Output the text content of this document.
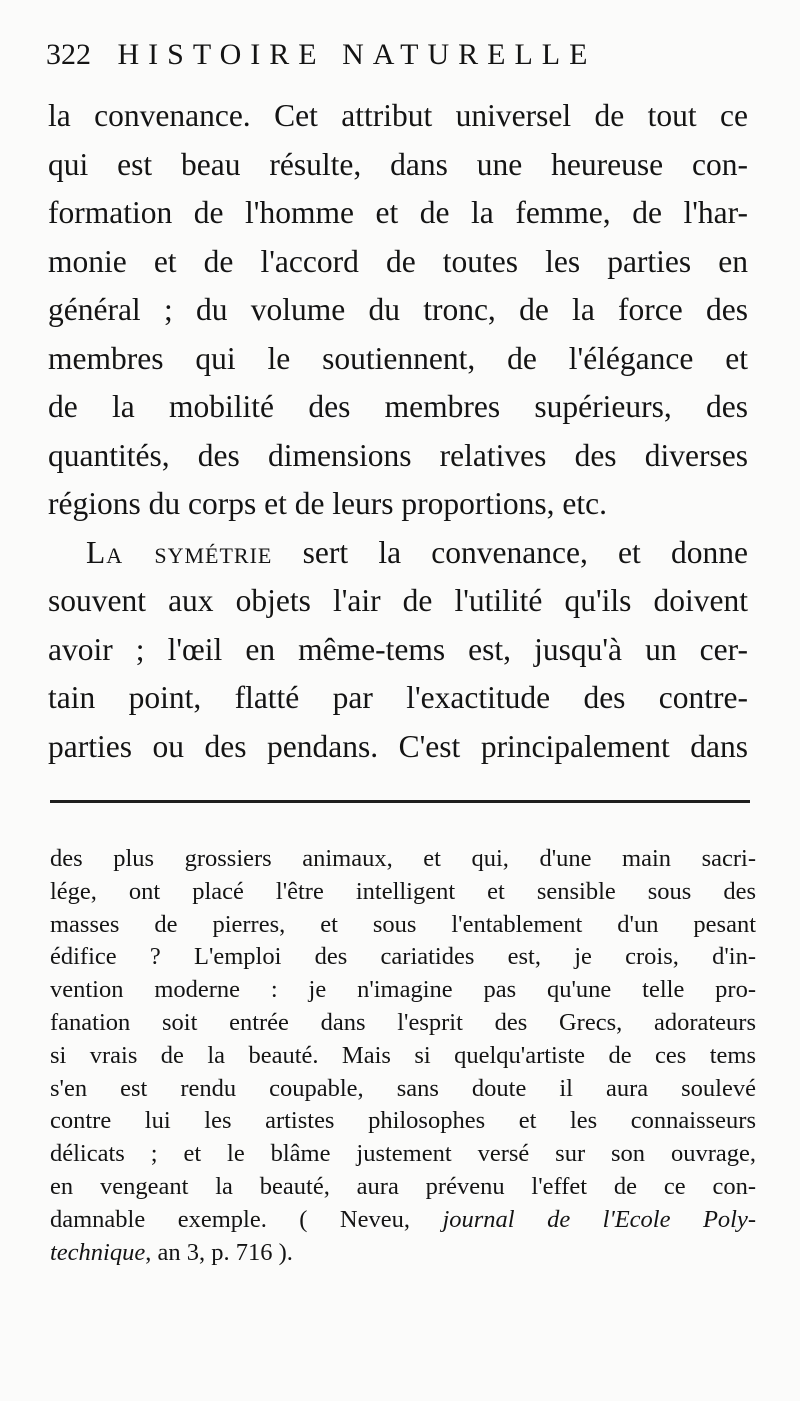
322 HISTOIRE NATURELLE
la convenance. Cet attribut universel de tout ce
qui est beau résulte, dans une heureuse con-
formation de l'homme et de la femme, de l'har-
monie et de l'accord de toutes les parties en
général ; du volume du tronc, de la force des
membres qui le soutiennent, de l'élégance et
de la mobilité des membres supérieurs, des
quantités, des dimensions relatives des diverses
régions du corps et de leurs proportions, etc.
La symétrie sert la convenance, et donne
souvent aux objets l'air de l'utilité qu'ils doivent
avoir ; l'œil en même-tems est, jusqu'à un cer-
tain point, flatté par l'exactitude des contre-
parties ou des pendans. C'est principalement dans
des plus grossiers animaux, et qui, d'une main sacri-
lége, ont placé l'être intelligent et sensible sous des
masses de pierres, et sous l'entablement d'un pesant
édifice ? L'emploi des cariatides est, je crois, d'in-
vention moderne : je n'imagine pas qu'une telle pro-
fanation soit entrée dans l'esprit des Grecs, adorateurs
si vrais de la beauté. Mais si quelqu'artiste de ces tems
s'en est rendu coupable, sans doute il aura soulevé
contre lui les artistes philosophes et les connaisseurs
délicats ; et le blâme justement versé sur son ouvrage,
en vengeant la beauté, aura prévenu l'effet de ce con-
damnable exemple. ( Neveu, journal de l'Ecole Poly-
technique, an 3, p. 716 ).
